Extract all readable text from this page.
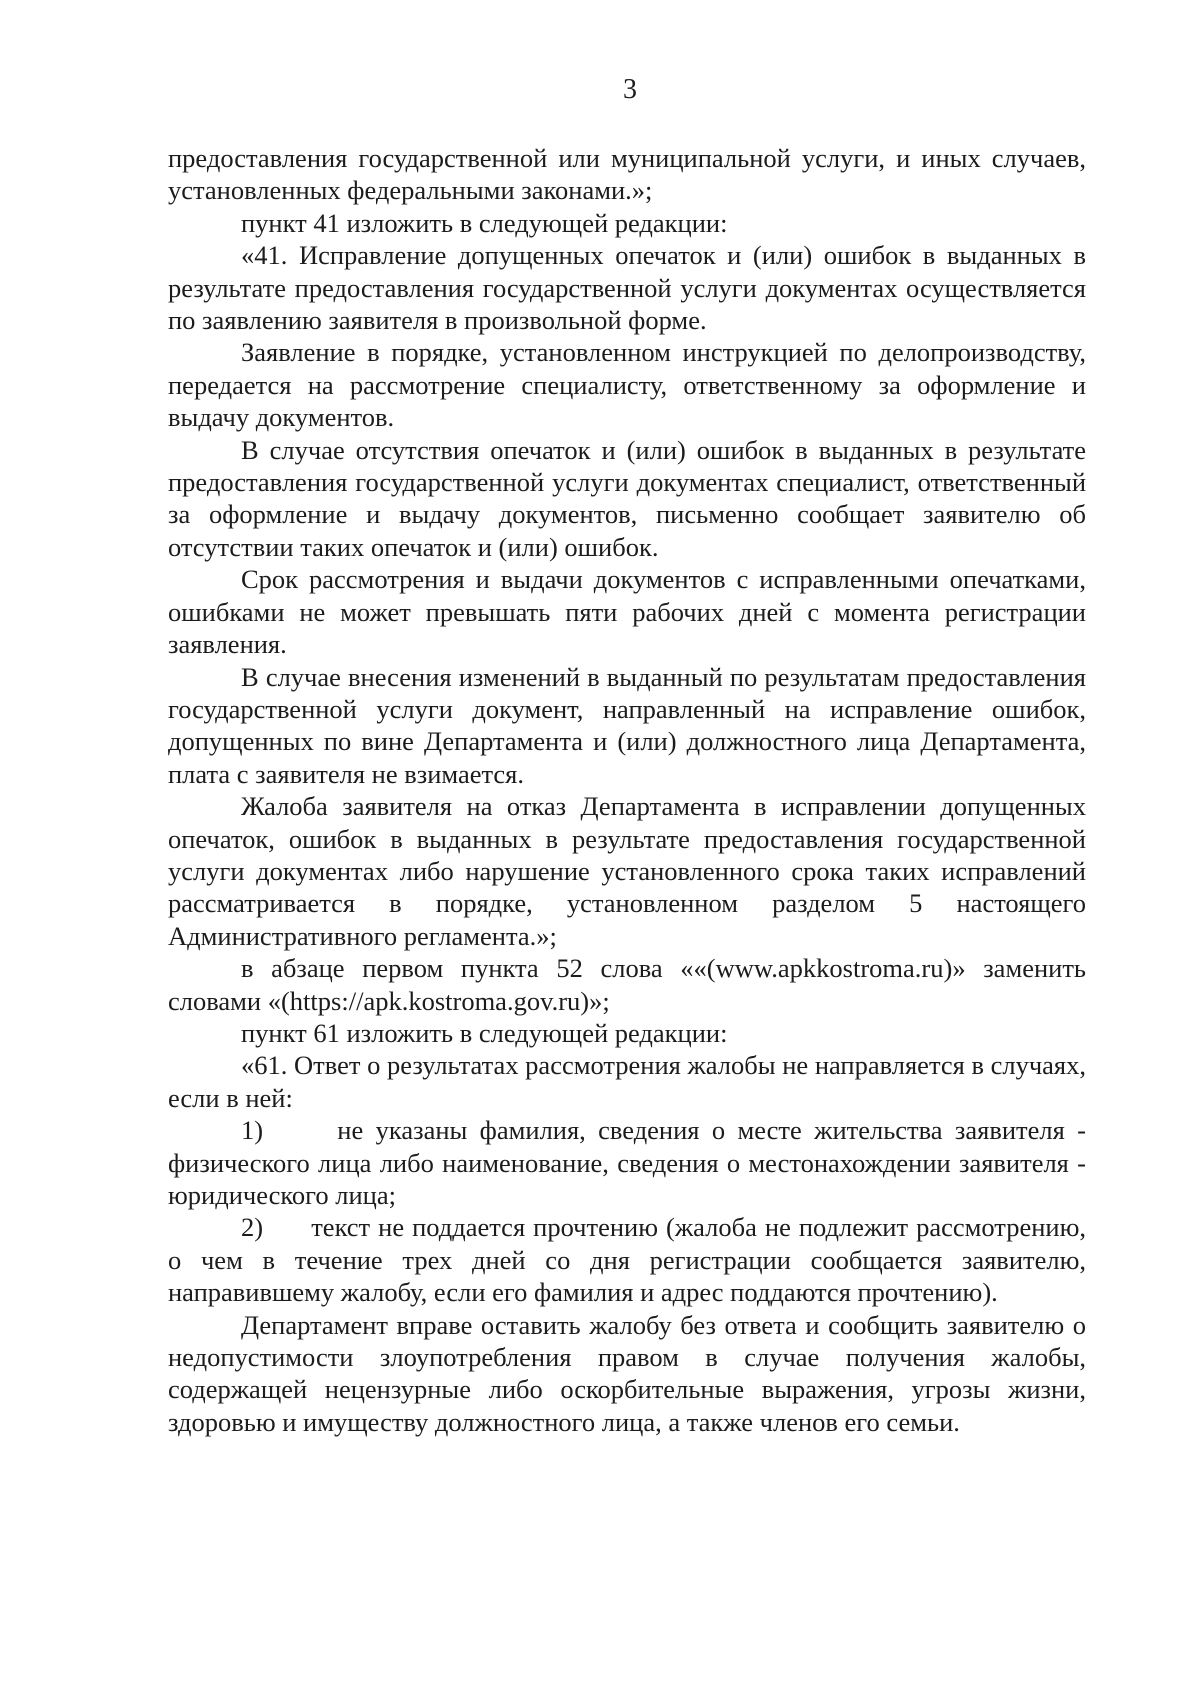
3

предоставления государственной или муниципальной услуги, и иных случаев, установленных федеральными законами.»;

пункт 41 изложить в следующей редакции:

«41. Исправление допущенных опечаток и (или) ошибок в выданных в результате предоставления государственной услуги документах осуществляется по заявлению заявителя в произвольной форме.

Заявление в порядке, установленном инструкцией по делопроизводству, передается на рассмотрение специалисту, ответственному за оформление и выдачу документов.

В случае отсутствия опечаток и (или) ошибок в выданных в результате предоставления государственной услуги документах специалист, ответственный за оформление и выдачу документов, письменно сообщает заявителю об отсутствии таких опечаток и (или) ошибок.

Срок рассмотрения и выдачи документов с исправленными опечатками, ошибками не может превышать пяти рабочих дней с момента регистрации заявления.

В случае внесения изменений в выданный по результатам предоставления государственной услуги документ, направленный на исправление ошибок, допущенных по вине Департамента и (или) должностного лица Департамента, плата с заявителя не взимается.

Жалоба заявителя на отказ Департамента в исправлении допущенных опечаток, ошибок в выданных в результате предоставления государственной услуги документах либо нарушение установленного срока таких исправлений рассматривается в порядке, установленном разделом 5 настоящего Административного регламента.»;

в абзаце первом пункта 52 слова ««(www.apkkostroma.ru)» заменить словами «(https://apk.kostroma.gov.ru)»;

пункт 61 изложить в следующей редакции:

«61. Ответ о результатах рассмотрения жалобы не направляется в случаях, если в ней:

1)      не указаны фамилия, сведения о месте жительства заявителя - физического лица либо наименование, сведения о местонахождении заявителя - юридического лица;

2)      текст не поддается прочтению (жалоба не подлежит рассмотрению, о чем в течение трех дней со дня регистрации сообщается заявителю, направившему жалобу, если его фамилия и адрес поддаются прочтению).

Департамент вправе оставить жалобу без ответа и сообщить заявителю о недопустимости злоупотребления правом в случае получения жалобы, содержащей нецензурные либо оскорбительные выражения, угрозы жизни, здоровью и имуществу должностного лица, а также членов его семьи.
